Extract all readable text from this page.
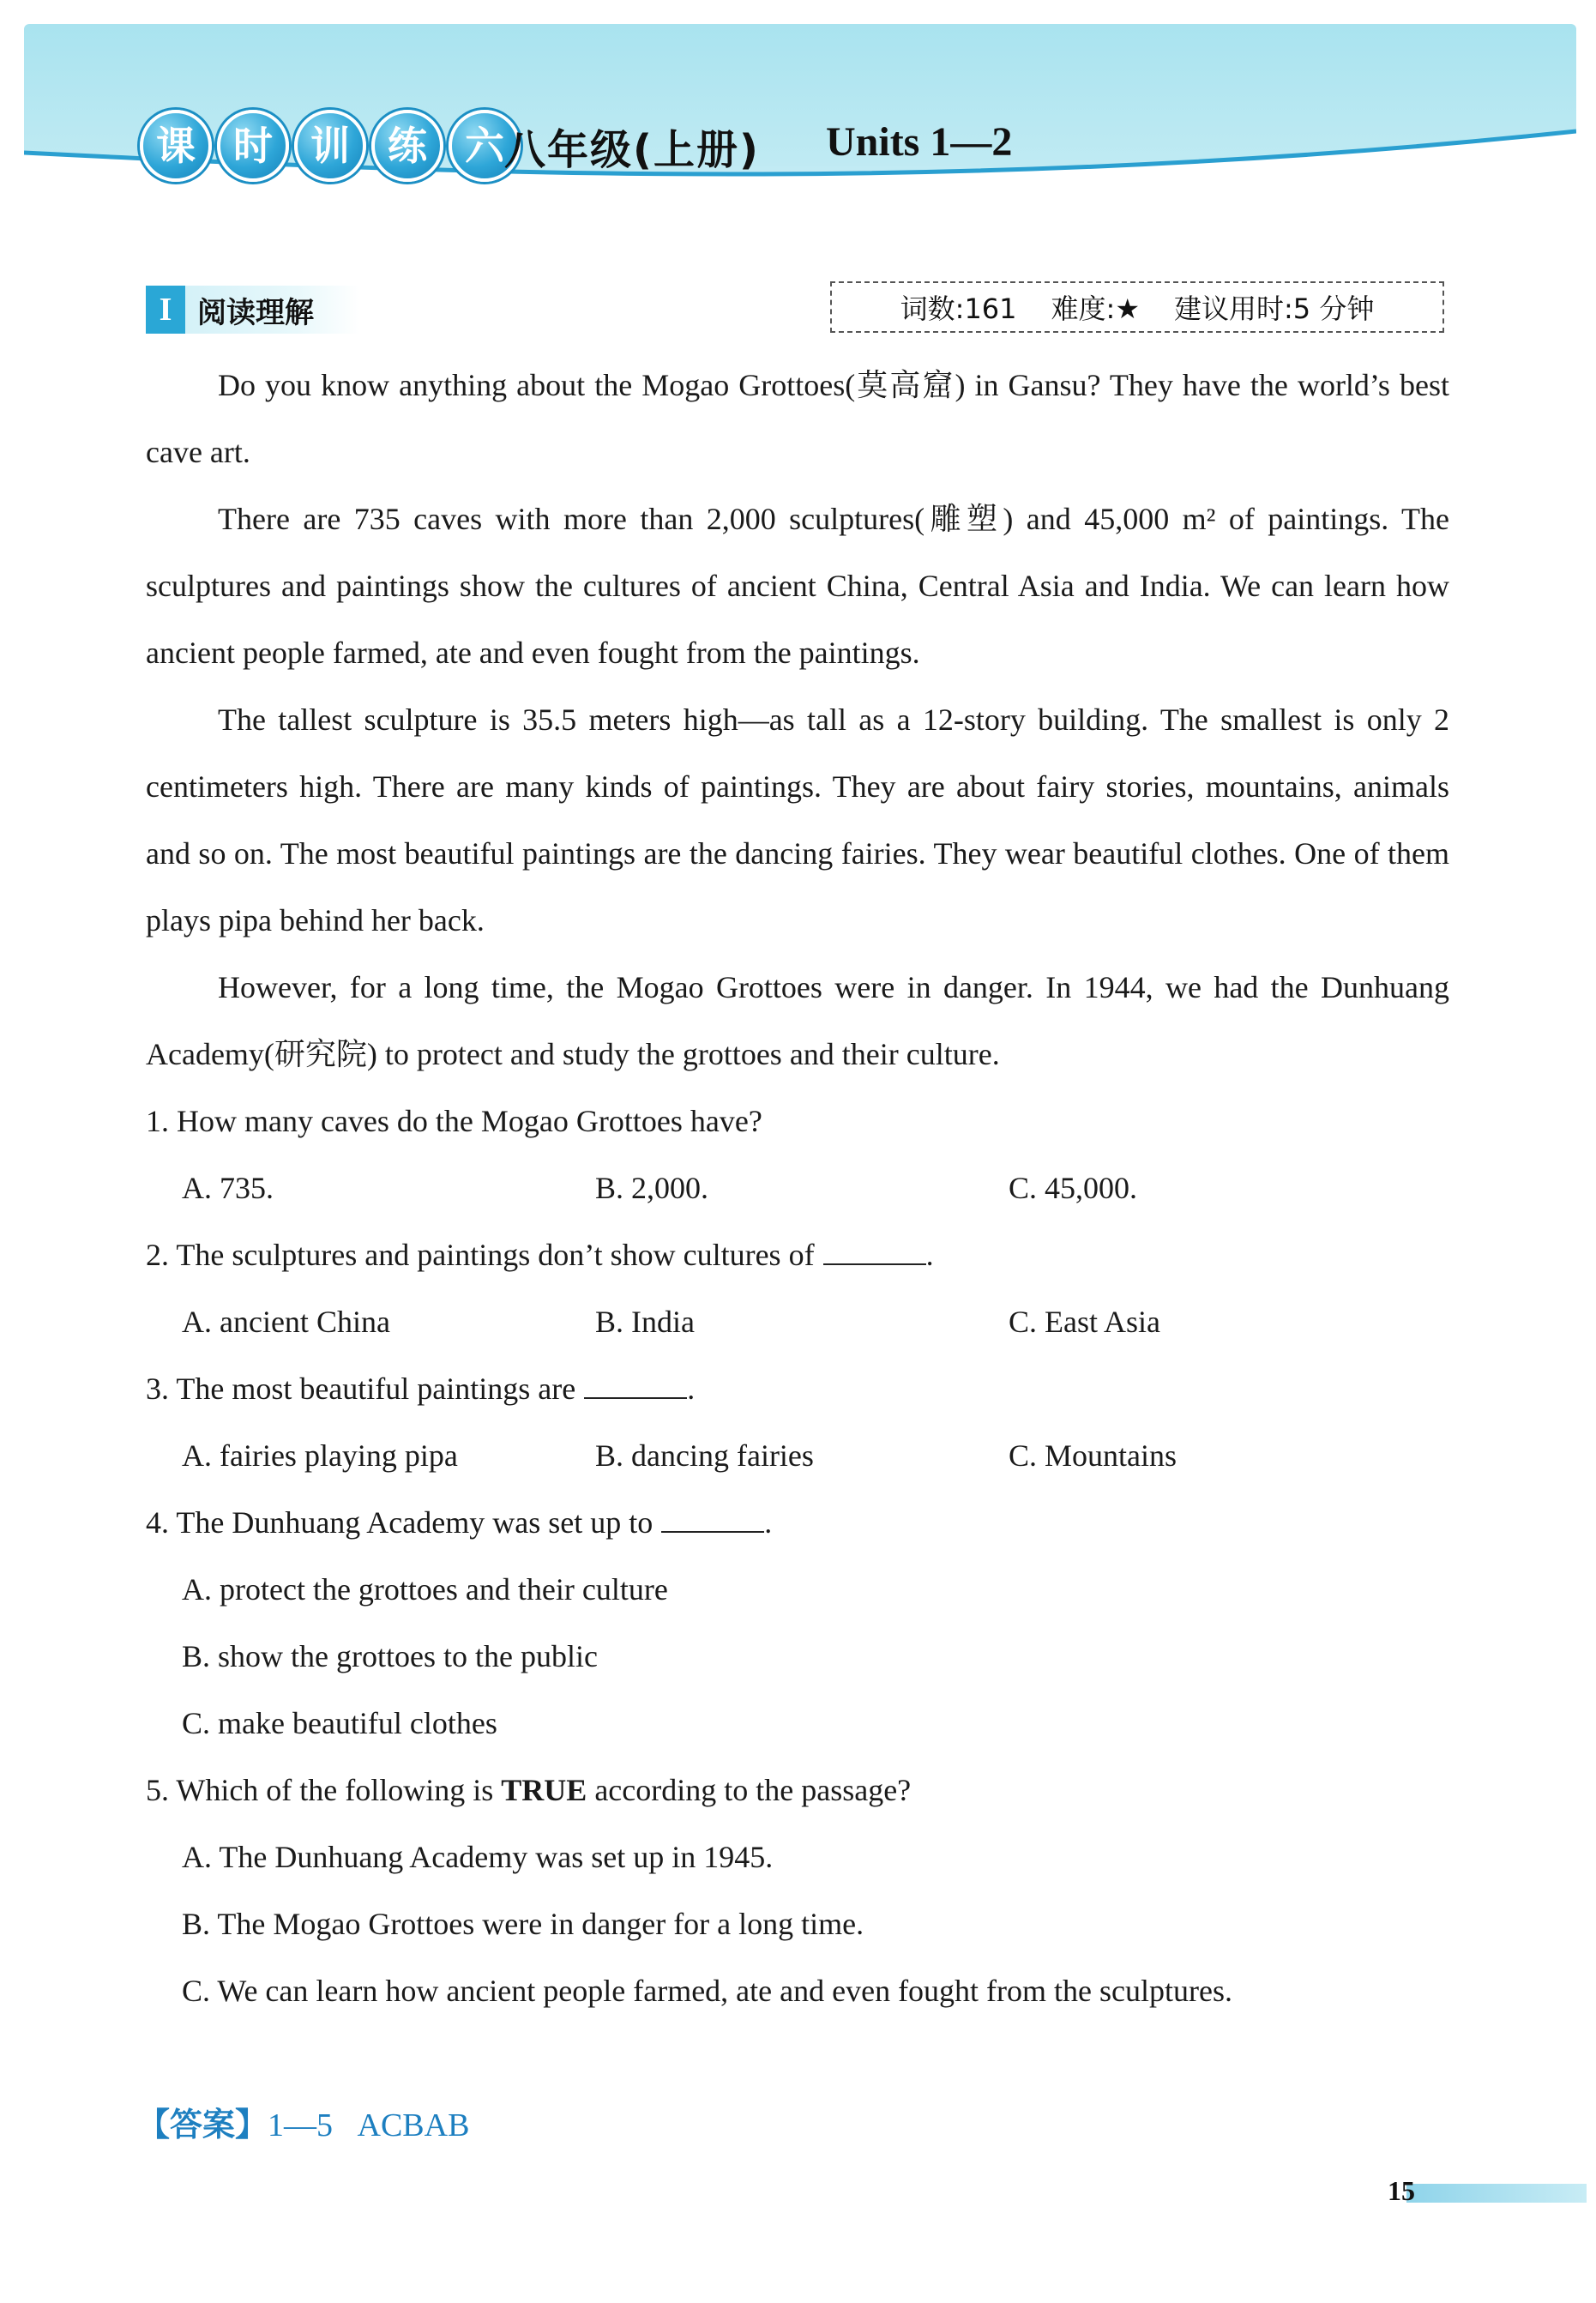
课 时 训 练 六 八年级(上册) Units 1—2
I 阅读理解	词数:161 难度:★ 建议用时:5 分钟

Do you know anything about the Mogao Grottoes(莫高窟) in Gansu? They have the world’s best cave art.

There are 735 caves with more than 2,000 sculptures(雕塑) and 45,000 m² of paintings. The sculptures and paintings show the cultures of ancient China, Central Asia and India. We can learn how ancient people farmed, ate and even fought from the paintings.

The tallest sculpture is 35.5 meters high—as tall as a 12-story building. The smallest is only 2 centimeters high. There are many kinds of paintings. They are about fairy stories, mountains, animals and so on. The most beautiful paintings are the dancing fairies. They wear beautiful clothes. One of them plays pipa behind her back.

However, for a long time, the Mogao Grottoes were in danger. In 1944, we had the Dunhuang Academy(研究院) to protect and study the grottoes and their culture.

1. How many caves do the Mogao Grottoes have?
A. 735.	B. 2,000.	C. 45,000.
2. The sculptures and paintings don’t show cultures of	.
A. ancient China	B. India	C. East Asia
3. The most beautiful paintings are	.
A. fairies playing pipa	B. dancing fairies	C. Mountains
4. The Dunhuang Academy was set up to	.
A. protect the grottoes and their culture
B. show the grottoes to the public
C. make beautiful clothes
5. Which of the following is TRUE according to the passage?
A. The Dunhuang Academy was set up in 1945.
B. The Mogao Grottoes were in danger for a long time.
C. We can learn how ancient people farmed, ate and even fought from the sculptures.
【答案】1—5 ACBAB
15
